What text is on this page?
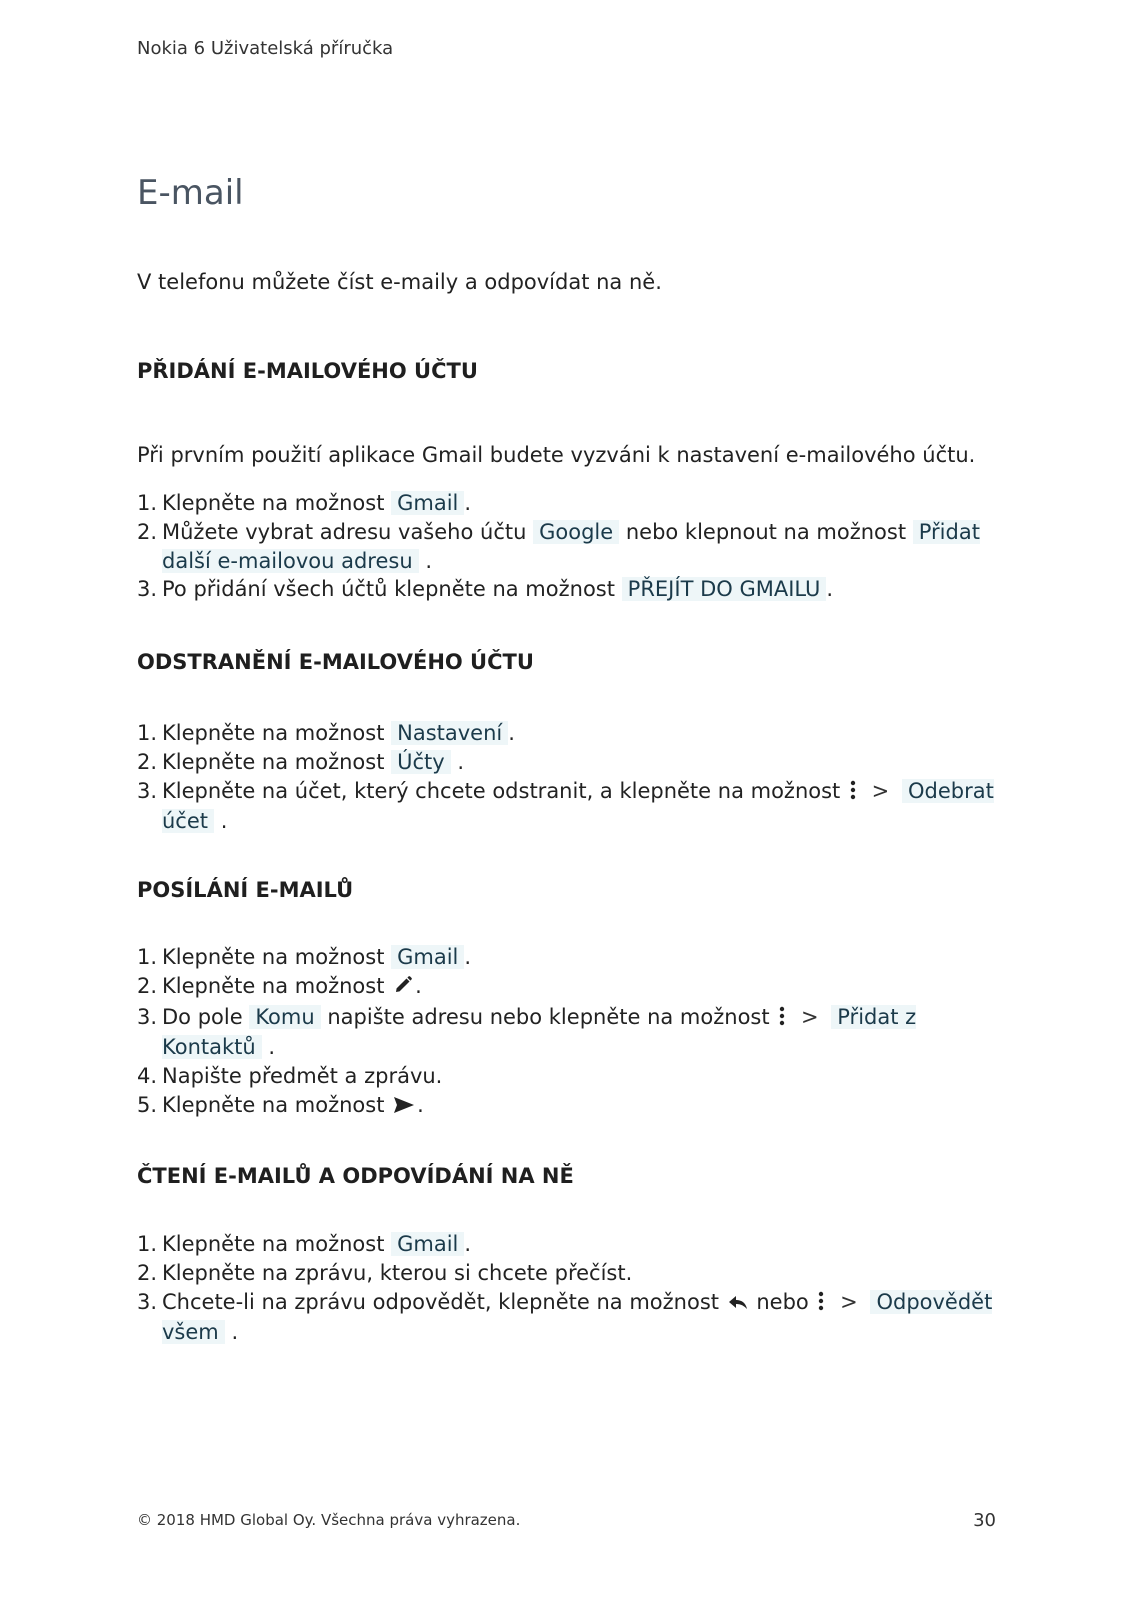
Nokia 6 Uživatelská příručka
E-mail

V telefonu můžete číst e-maily a odpovídat na ně.

PŘIDÁNÍ E-MAILOVÉHO ÚČTU

Při prvním použití aplikace Gmail budete vyzváni k nastavení e-mailového účtu.

1. Klepněte na možnost Gmail .
2. Můžete vybrat adresu vašeho účtu Google nebo klepnout na možnost Přidat další e-mailovou adresu .
3. Po přidání všech účtů klepněte na možnost PŘEJÍT DO GMAILU .
ODSTRANĚNÍ E-MAILOVÉHO ÚČTU
1. Klepněte na možnost Nastavení .
2. Klepněte na možnost Účty .
3. Klepněte na účet, který chcete odstranit, a klepněte na možnost > Odebrat účet .
POSÍLÁNÍ E-MAILŮ
1. Klepněte na možnost Gmail .
2. Klepněte na možnost .
3. Do pole Komu napište adresu nebo klepněte na možnost > Přidat z Kontaktů .
4. Napište předmět a zprávu.
5. Klepněte na možnost .
ČTENÍ E-MAILŮ A ODPOVÍDÁNÍ NA NĚ
1. Klepněte na možnost Gmail .
2. Klepněte na zprávu, kterou si chcete přečíst.
3. Chcete-li na zprávu odpovědět, klepněte na možnost nebo > Odpovědět všem .
© 2018 HMD Global Oy. Všechna práva vyhrazena.	30
